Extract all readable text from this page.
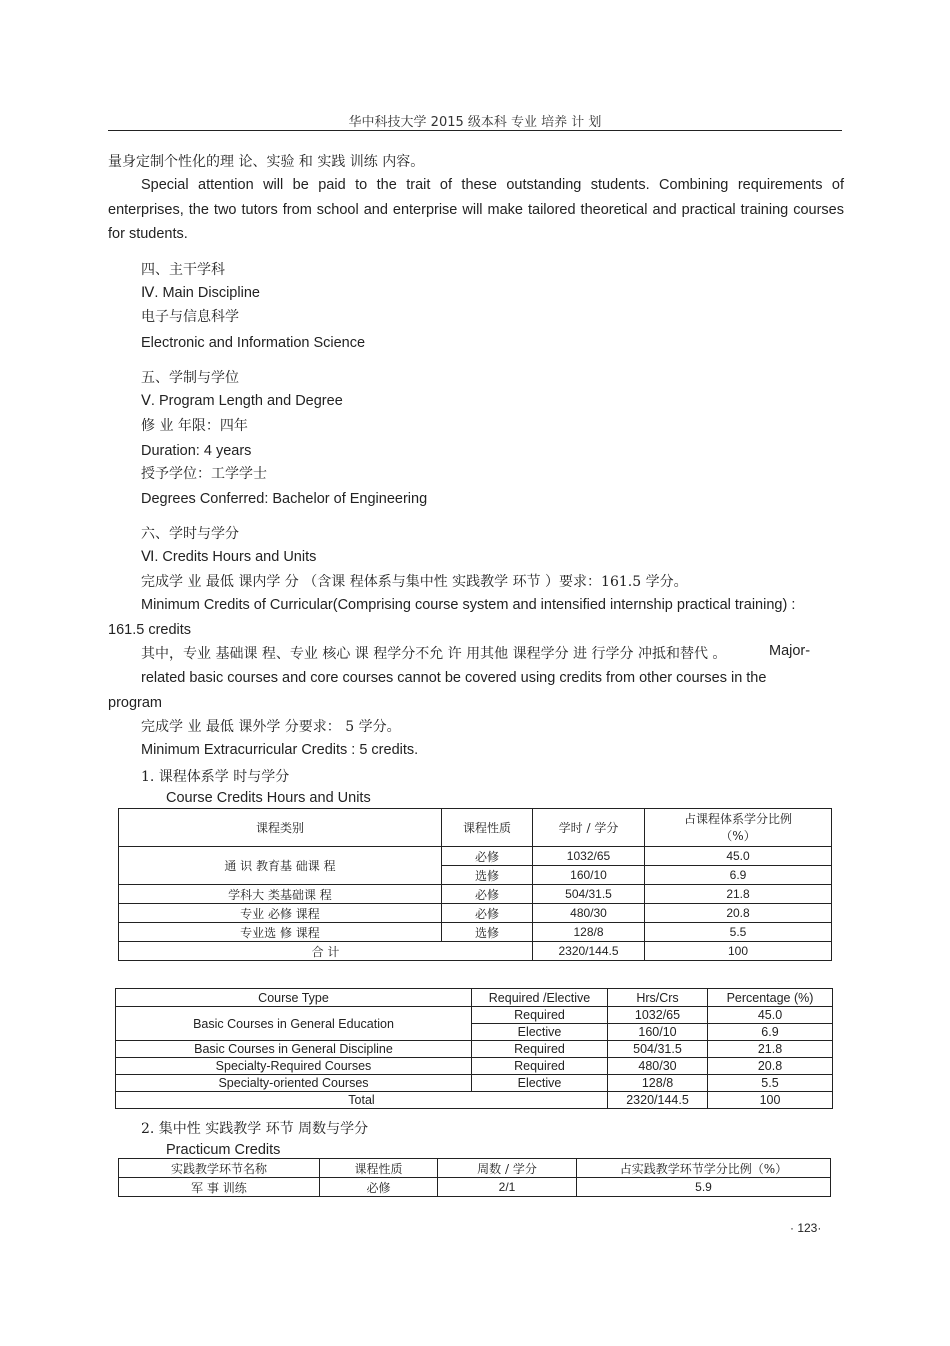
华中科技大学 2015 级本科 专业 培养 计 划
量身定制个性化的理 论、实验 和 实践 训练 内容。
Special attention will be paid to the trait of these outstanding students. Combining requirements of enterprises, the two tutors from school and enterprise will make tailored theoretical and practical training courses for students.
四、主干学科
Ⅳ. Main Discipline
电子与信息科学
Electronic and Information Science
五、学制与学位
Ⅴ. Program Length and Degree
修 业 年限：四年
Duration: 4 years
授予学位：工学学士
Degrees Conferred: Bachelor of Engineering
六、学时与学分
Ⅵ. Credits Hours and Units
完成学 业 最低 课内学 分 （含课 程体系与集中性 实践教学 环节 ）要求：161.5 学分。
Minimum Credits of Curricular(Comprising course system and intensified internship practical training) :
161.5 credits
其中，专业 基础课 程、专业 核心 课 程学分不允 许 用其他 课程学分 进 行学分 冲抵和替代 。	Major-
related basic courses and core courses cannot be covered using credits from other courses in the
program
完成学 业 最低 课外学 分要求： 5 学分。
Minimum Extracurricular Credits : 5 credits.
1. 课程体系学 时与学分
Course Credits Hours and Units
课程类别	课程性质	学时 / 学分	占课程体系学分比例
（%）

通 识 教育基 础课 程	必修	1032/65	45.0
	选修	160/10	6.9
学科大 类基础课 程	必修	504/31.5	21.8
专业 必修 课程	必修	480/30	20.8
专业选 修 课程	选修	128/8	5.5
合 计		2320/144.5	100
Course Type	Required /Elective	Hrs/Crs	Percentage (%)
Basic Courses in General Education	Required	1032/65	45.0
	Elective	160/10	6.9
Basic Courses in General Discipline	Required	504/31.5	21.8
Specialty-Required Courses	Required	480/30	20.8
Specialty-oriented Courses	Elective	128/8	5.5
Total		2320/144.5	100
2. 集中性 实践教学 环节 周数与学分
Practicum Credits
实践教学环节名称	课程性质	周数 / 学分	占实践教学环节学分比例（%）
军 事 训练	必修	2/1	5.9
· 123·
